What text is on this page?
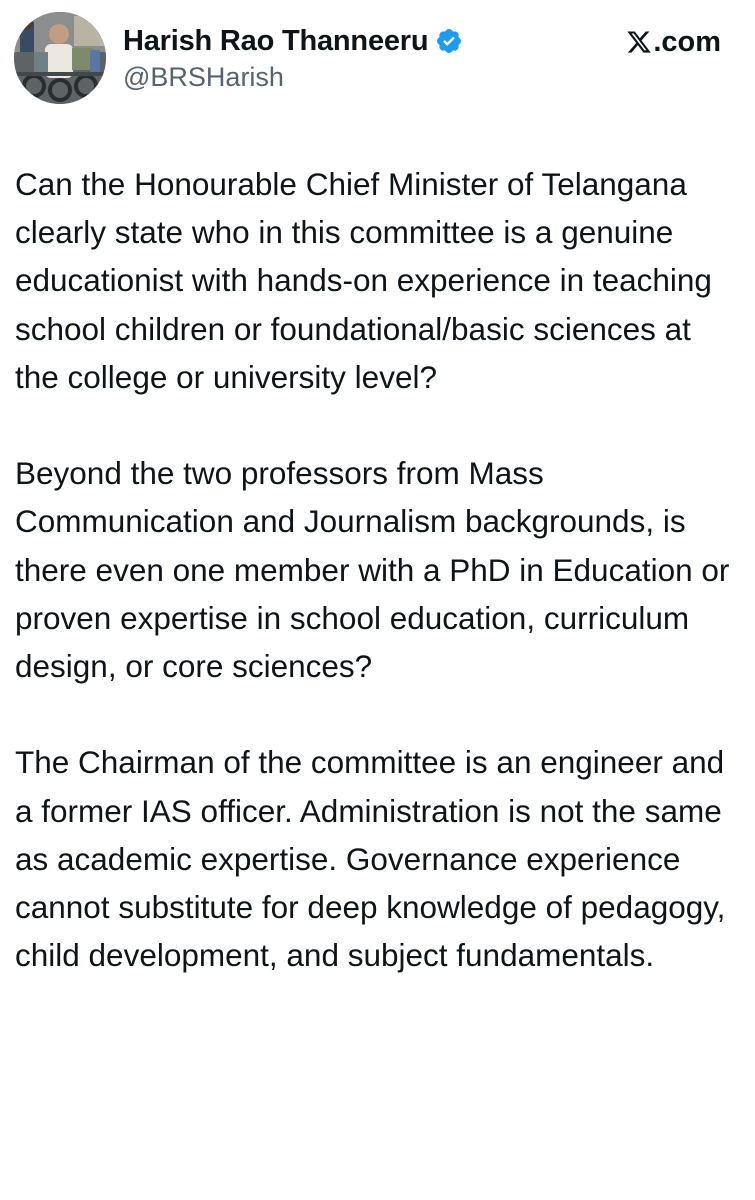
Harish Rao Thanneeru
@BRSHarish
.com

Can the Honourable Chief Minister of Telangana clearly state who in this committee is a genuine educationist with hands-on experience in teaching school children or foundational/basic sciences at the college or university level?

Beyond the two professors from Mass Communication and Journalism backgrounds, is there even one member with a PhD in Education or proven expertise in school education, curriculum design, or core sciences?

The Chairman of the committee is an engineer and a former IAS officer. Administration is not the same as academic expertise. Governance experience cannot substitute for deep knowledge of pedagogy, child development, and subject fundamentals.
